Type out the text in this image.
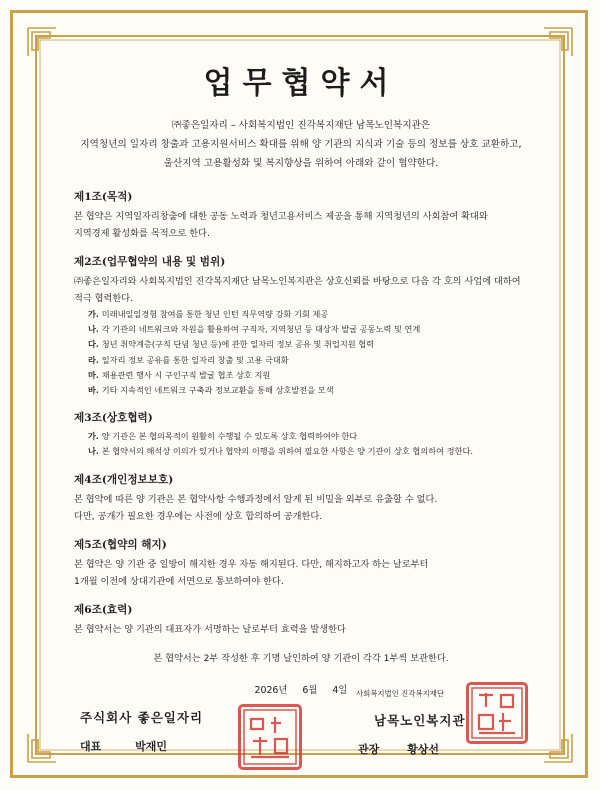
업무협약서
㈜좋은일자리 – 사회복지법인 진각복지재단 남목노인복지관은
지역청년의 일자리 창출과 고용지원서비스 확대를 위해 양 기관의 지식과 기술 등의 정보를 상호 교환하고,
울산지역 고용활성화 및 복지향상을 위하여 아래와 같이 협약한다.
제1조(목적)
본 협약은 지역일자리창출에 대한 공동 노력과 청년고용서비스 제공을 통해 지역청년의 사회참여 확대와
지역경제 활성화를 목적으로 한다.
제2조(업무협약의 내용 및 범위)
㈜좋은일자리와 사회복지법인 진각복지재단 남목노인복지관은 상호신뢰를 바탕으로 다음 각 호의 사업에 대하여
적극 협력한다.
가. 미래내일일경험 참여를 통한 청년 인턴 직무역량 강화 기회 제공
나. 각 기관의 네트워크와 자원을 활용하여 구직자, 지역청년 등 대상자 발굴 공동노력 및 연계
다. 청년 취약계층(구직 단념 청년 등)에 관한 일자리 정보 공유 및 취업지원 협력
라. 일자리 정보 공유를 통한 일자리 창출 및 고용 극대화
마. 채용관련 행사 시 구인구직 발굴 협조 상호 지원
바. 기타 지속적인 네트워크 구축과 정보교환을 통해 상호발전을 모색
제3조(상호협력)
가. 양 기관은 본 협의목적이 원활히 수행될 수 있도록 상호 협력하여야 한다
나. 본 협약서의 해석상 이의가 있거나 협약의 이행을 위하여 필요한 사항은 양 기관이 상호 협의하여 정한다.
제4조(개인정보보호)
본 협약에 따른 양 기관은 본 협약사항 수행과정에서 알게 된 비밀을 외부로 유출할 수 없다.
다만, 공개가 필요한 경우에는 사전에 상호 합의하여 공개한다.
제5조(협약의 해지)
본 협약은 양 기관 중 일방이 해지한 경우 자동 해지된다. 다만, 해지하고자 하는 날로부터
1개월 이전에 상대기관에 서면으로 통보하여야 한다.
제6조(효력)
본 협약서는 양 기관의 대표자가 서명하는 날로부터 효력을 발생한다
본 협약서는 2부 작성한 후 기명 날인하여 양 기관이 각각 1부씩 보관한다.
2026년 6월 4일
주식회사 좋은일자리
대표 박재민
사회복지법인 진각복지재단
남목노인복지관
관장 황상선
